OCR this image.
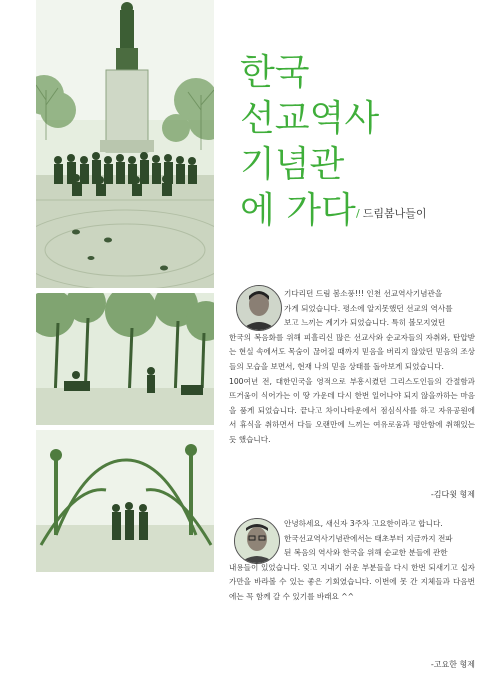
한국
선교역사
기념관
에 가다 / 드림봄나들이

기다리던 드림 봄소풍!!! 인천 선교역사기념관을

가게 되었습니다. 평소에 알지못했던 선교의 역사를

보고 느끼는 계기가 되었습니다. 특히 볼모지였던

한국의 복음화를 위해 피흘리신 많은 선교사와 순교자들의 자취와, 탄압받는 현실 속에서도 목숨이 끊어질 때까지 믿음을 버리지 않았던 믿음의 조상들의 모습을 보면서, 현재 나의 믿음 상태를 돌아보게 되었습니다.

100여년 전, 대한민국을 영적으로 부흥시켰던 그리스도인들의 간절함과 뜨거움이 식어가는 이 땅 가운데 다시 한번 일어나야 되지 않을까하는 마음을 품게 되었습니다. 끝나고 차이나타운에서 점심식사를 하고 자유공원에서 휴식을 취하면서 다들 오랜만에 느끼는 여유로움과 평안함에 취해있는 듯 했습니다.

-김다윗 형제

안녕하세요, 새신자 3주차 고요한이라고 합니다.

한국선교역사기념관에서는 태초부터 지금까지 전파

된 복음의 역사와 한국을 위해 순교한 분들에 관한

내용들이 있었습니다. 잊고 지내기 쉬운 부분들을 다시 한번 되새기고 십자가만을 바라볼 수 있는 좋은 기회였습니다. 이번에 못 간 지체들과 다음번에는 꼭 함께 갈 수 있기를 바래요 ^^

-고요한 형제
